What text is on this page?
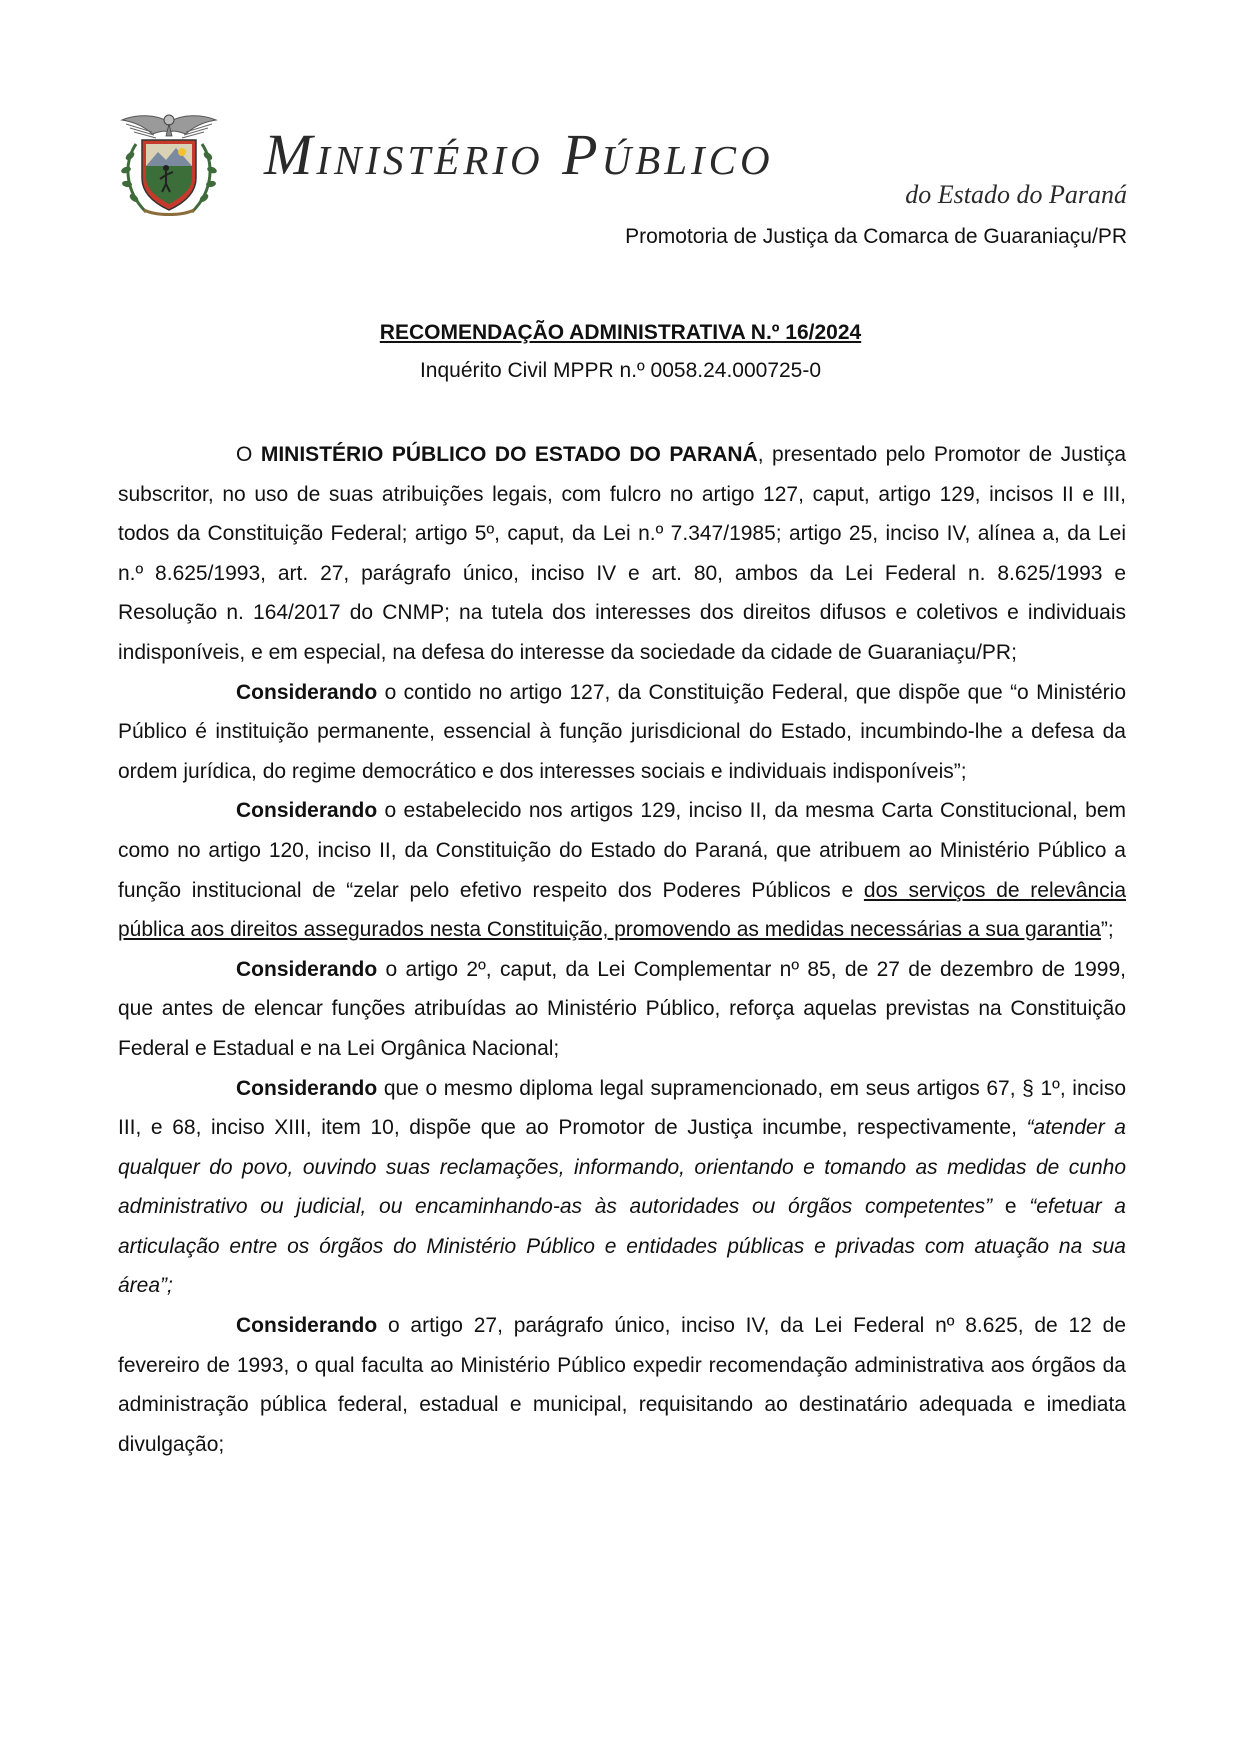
Ministério Público
do Estado do Paraná
Promotoria de Justiça da Comarca de Guaraniaçu/PR
RECOMENDAÇÃO ADMINISTRATIVA N.º 16/2024
Inquérito Civil MPPR n.º 0058.24.000725-0

O MINISTÉRIO PÚBLICO DO ESTADO DO PARANÁ, presentado pelo Promotor de Justiça subscritor, no uso de suas atribuições legais, com fulcro no artigo 127, caput, artigo 129, incisos II e III, todos da Constituição Federal; artigo 5º, caput, da Lei n.º 7.347/1985; artigo 25, inciso IV, alínea a, da Lei n.º 8.625/1993, art. 27, parágrafo único, inciso IV e art. 80, ambos da Lei Federal n. 8.625/1993 e Resolução n. 164/2017 do CNMP; na tutela dos interesses dos direitos difusos e coletivos e individuais indisponíveis, e em especial, na defesa do interesse da sociedade da cidade de Guaraniaçu/PR;

Considerando o contido no artigo 127, da Constituição Federal, que dispõe que “o Ministério Público é instituição permanente, essencial à função jurisdicional do Estado, incumbindo-lhe a defesa da ordem jurídica, do regime democrático e dos interesses sociais e individuais indisponíveis”;

Considerando o estabelecido nos artigos 129, inciso II, da mesma Carta Constitucional, bem como no artigo 120, inciso II, da Constituição do Estado do Paraná, que atribuem ao Ministério Público a função institucional de “zelar pelo efetivo respeito dos Poderes Públicos e dos serviços de relevância pública aos direitos assegurados nesta Constituição, promovendo as medidas necessárias a sua garantia”;

Considerando o artigo 2º, caput, da Lei Complementar nº 85, de 27 de dezembro de 1999, que antes de elencar funções atribuídas ao Ministério Público, reforça aquelas previstas na Constituição Federal e Estadual e na Lei Orgânica Nacional;

Considerando que o mesmo diploma legal supramencionado, em seus artigos 67, § 1º, inciso III, e 68, inciso XIII, item 10, dispõe que ao Promotor de Justiça incumbe, respectivamente, “atender a qualquer do povo, ouvindo suas reclamações, informando, orientando e tomando as medidas de cunho administrativo ou judicial, ou encaminhando-as às autoridades ou órgãos competentes” e “efetuar a articulação entre os órgãos do Ministério Público e entidades públicas e privadas com atuação na sua área”;

Considerando o artigo 27, parágrafo único, inciso IV, da Lei Federal nº 8.625, de 12 de fevereiro de 1993, o qual faculta ao Ministério Público expedir recomendação administrativa aos órgãos da administração pública federal, estadual e municipal, requisitando ao destinatário adequada e imediata divulgação;
